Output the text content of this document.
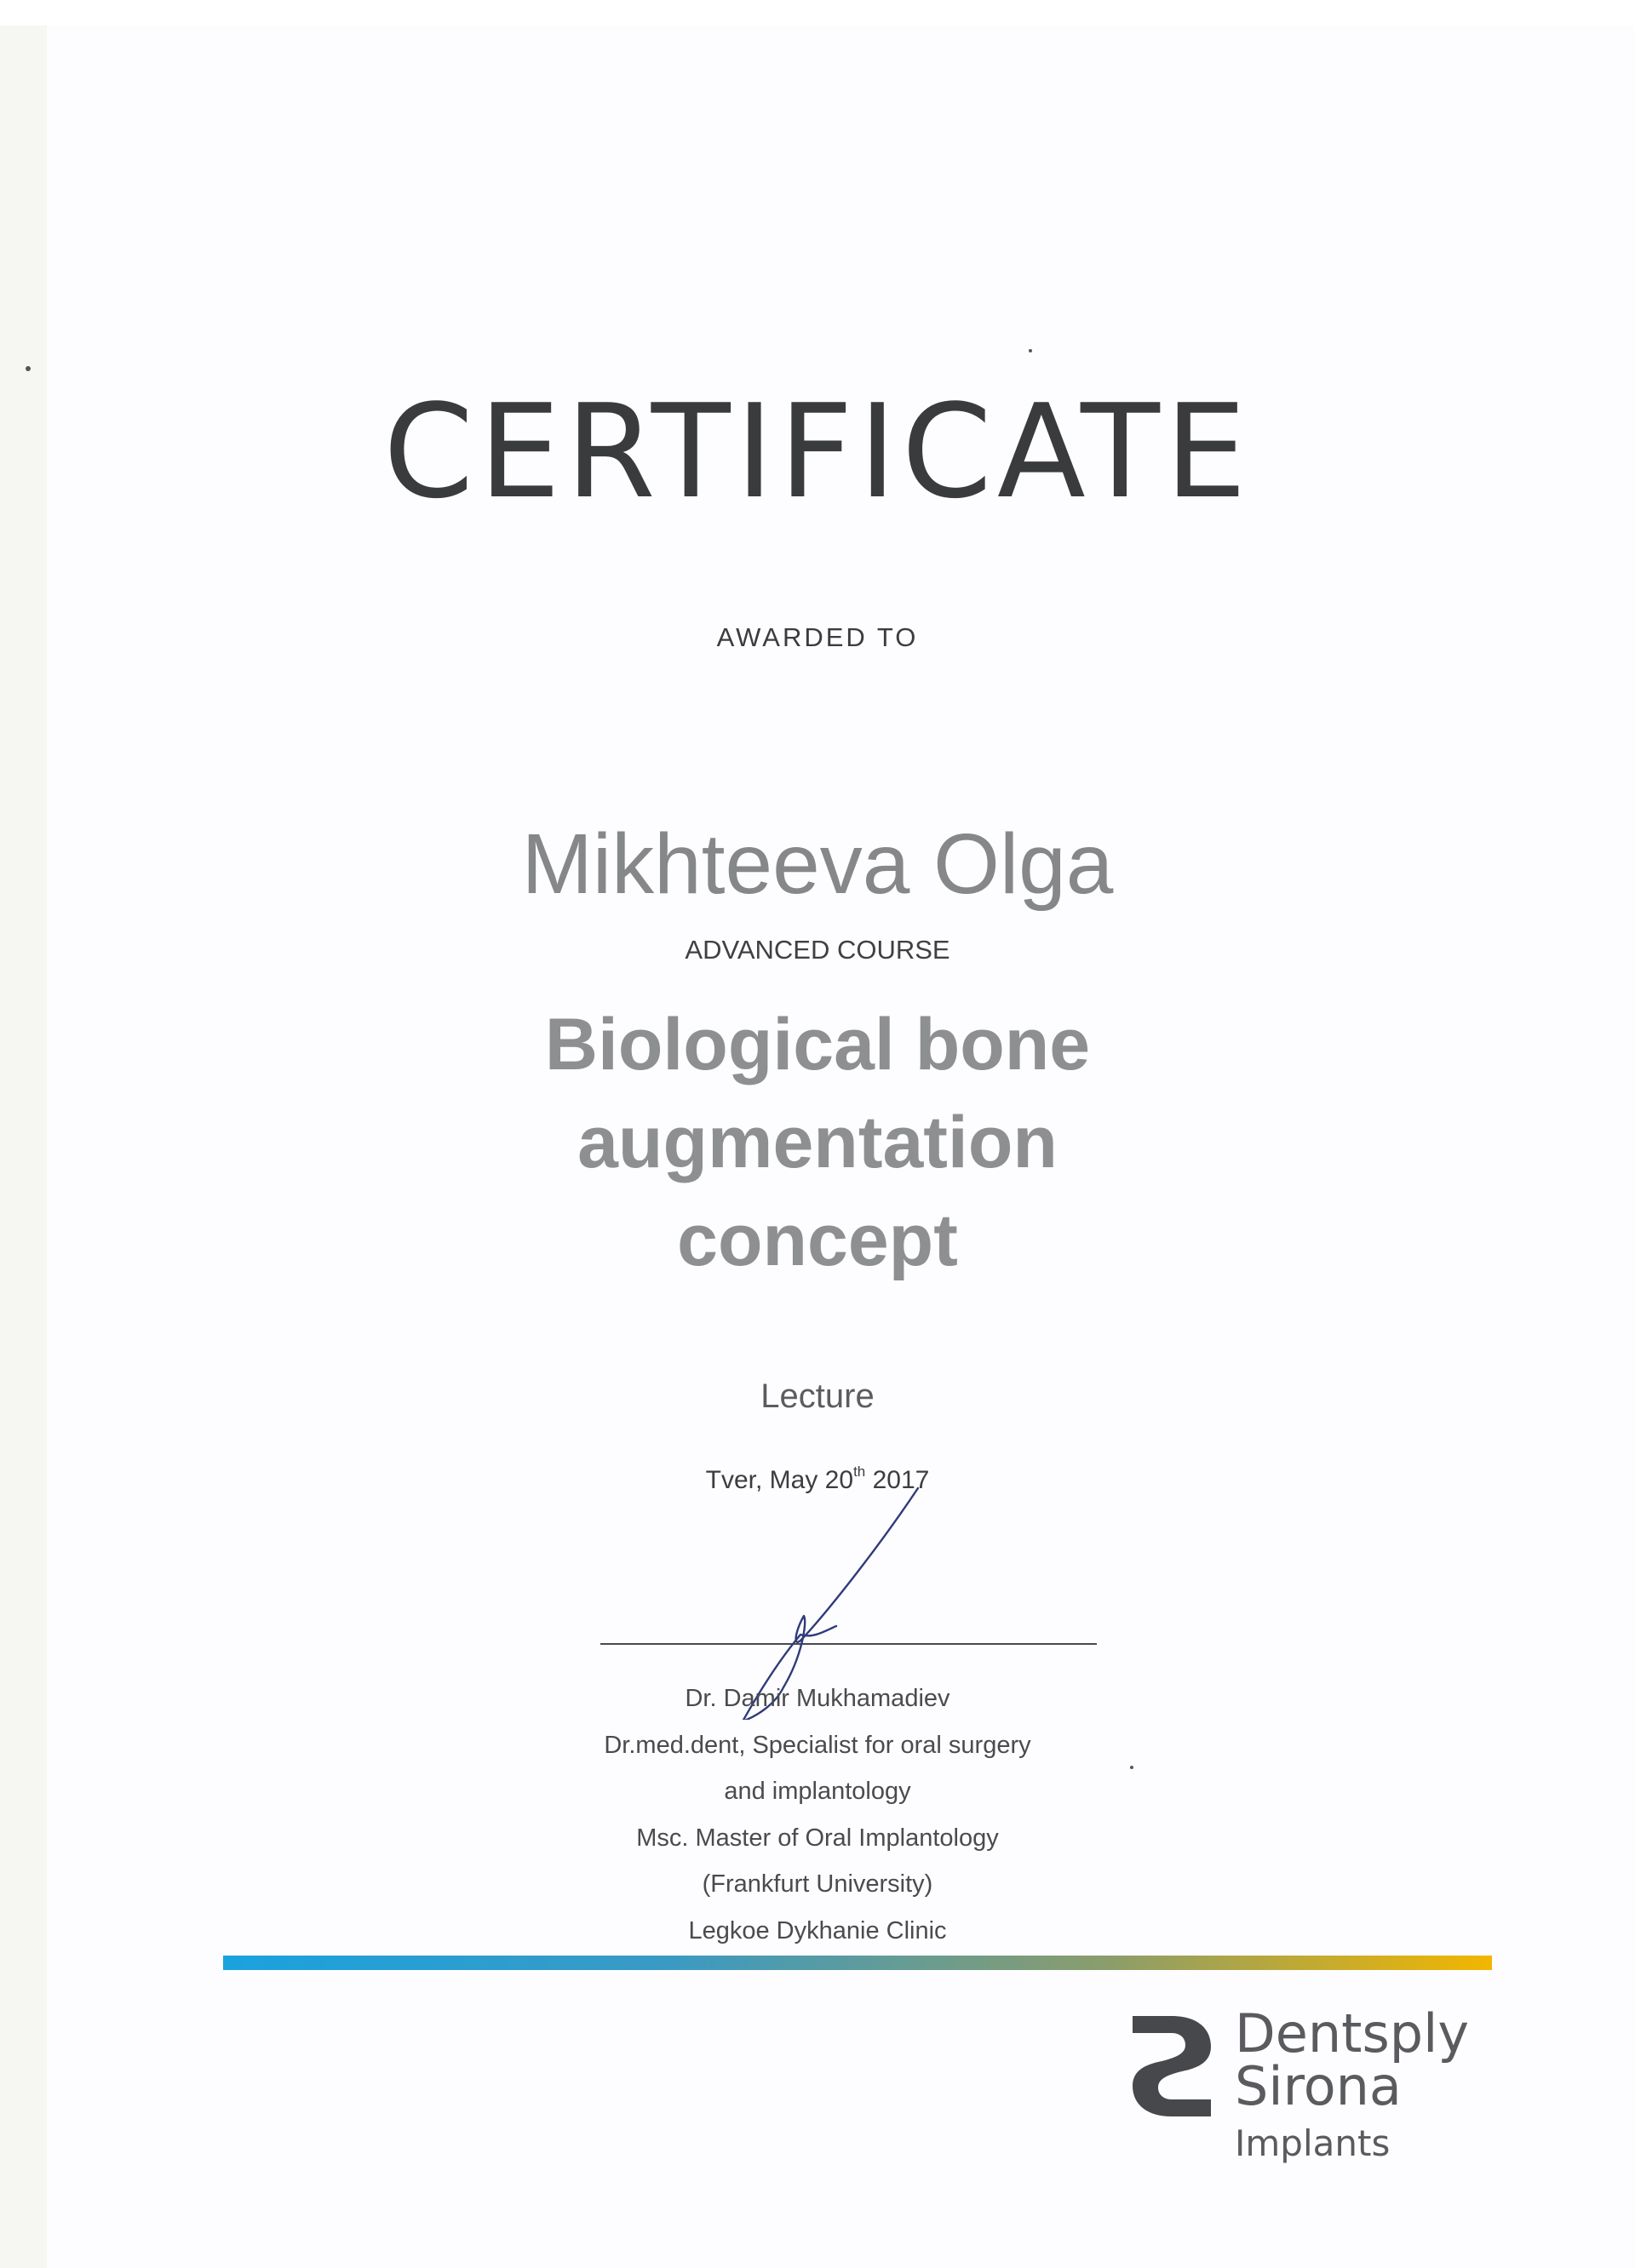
CERTIFICATE
AWARDED TO
Mikhteeva Olga
ADVANCED COURSE
Biological bone
augmentation
concept
Lecture
Tver, May 20th 2017
Dr. Damir Mukhamadiev
Dr.med.dent, Specialist for oral surgery
and implantology
Msc. Master of Oral Implantology
(Frankfurt University)
Legkoe Dykhanie Clinic
Dentsply
Sirona
Implants
